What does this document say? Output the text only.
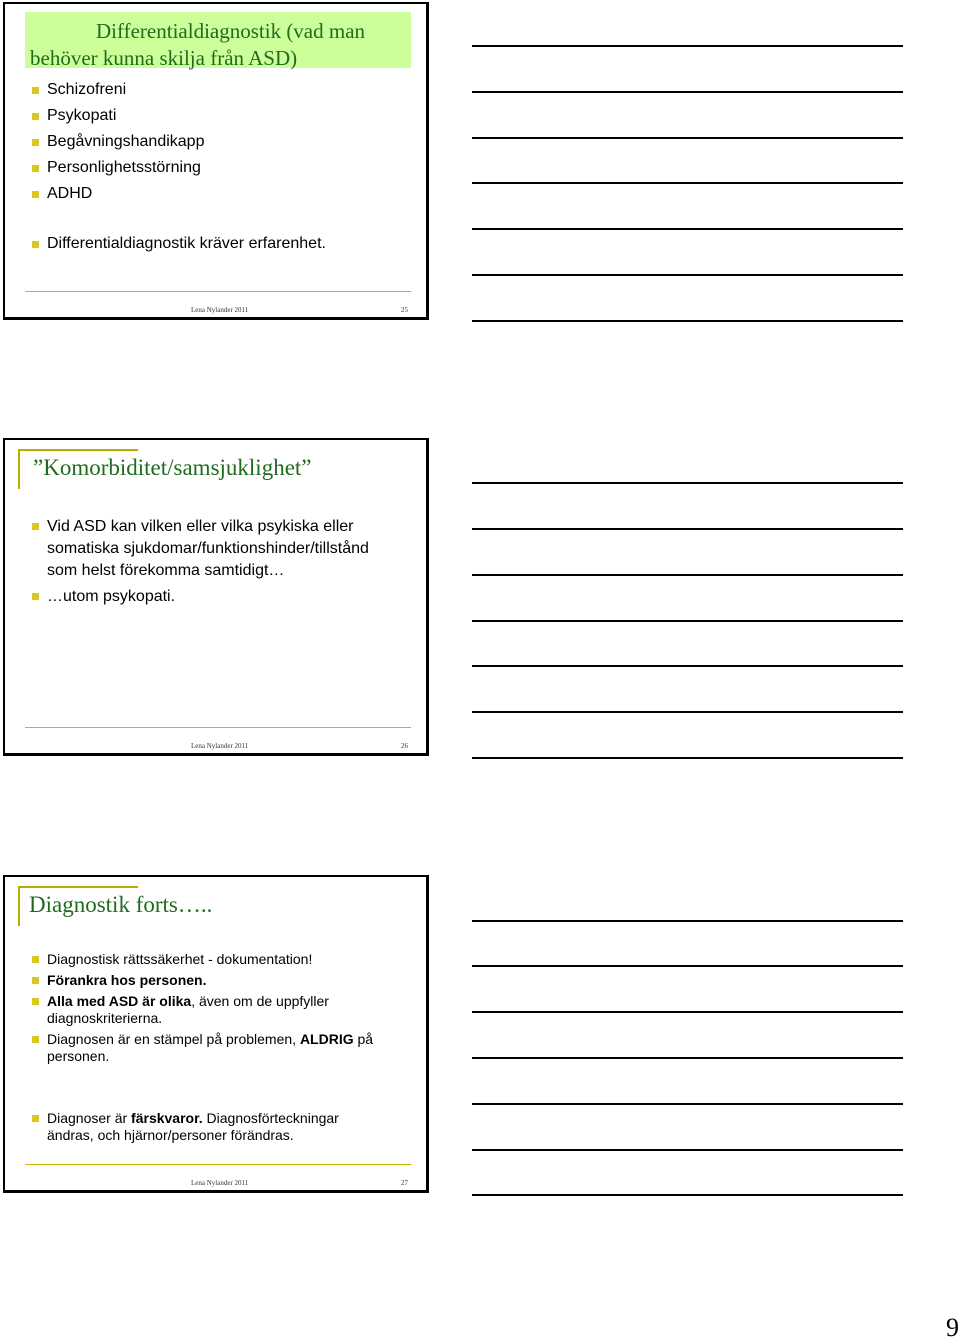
Differentialdiagnostik (vad man behöver kunna skilja från ASD)
Schizofreni
Psykopati
Begåvningshandikapp
Personlighetsstörning
ADHD
Differentialdiagnostik kräver erfarenhet.
Lena Nylander 2011	25
”Komorbiditet/samsjuklighet”
Vid ASD kan vilken eller vilka psykiska eller
somatiska sjukdomar/funktionshinder/tillstånd
som helst förekomma samtidigt…
…utom psykopati.
Lena Nylander 2011	26
Diagnostik forts…..
Diagnostisk rättssäkerhet - dokumentation!
Förankra hos personen.
Alla med ASD är olika, även om de uppfyller
diagnoskriterierna.
Diagnosen är en stämpel på problemen, ALDRIG på
personen.
Diagnoser är färskvaror. Diagnosförteckningar
ändras, och hjärnor/personer förändras.
Lena Nylander 2011	27
9
